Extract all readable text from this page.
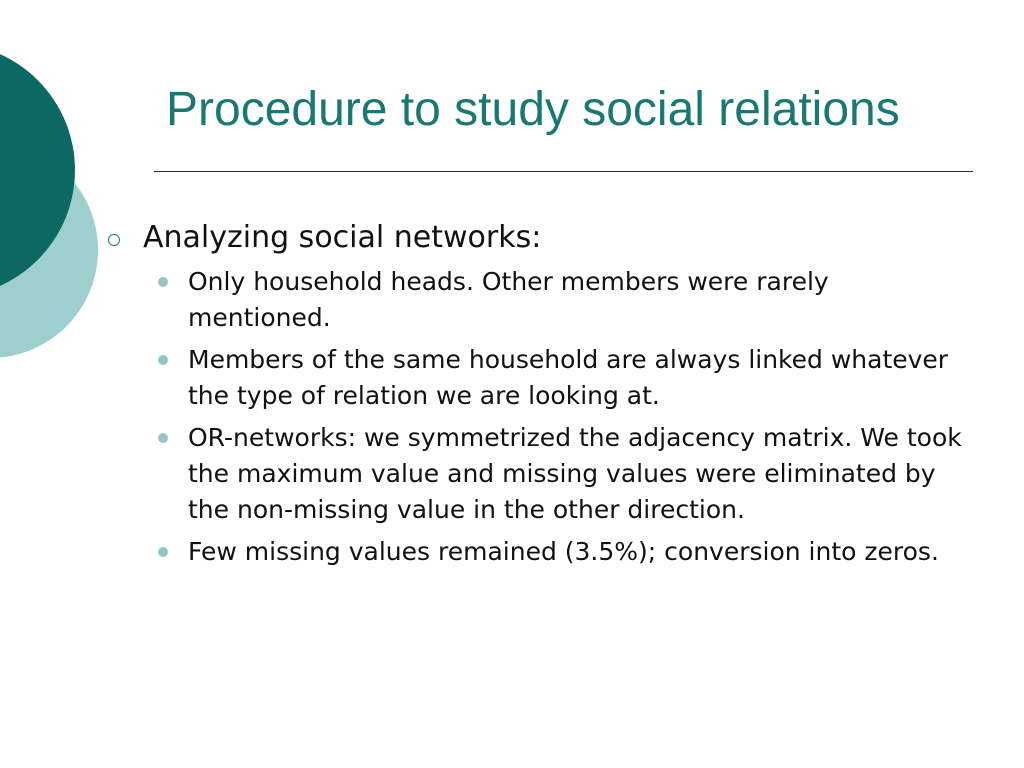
Procedure to study social relations
Analyzing social networks:
Only household heads. Other members were rarely mentioned.
Members of the same household are always linked whatever the type of relation we are looking at.
OR-networks: we symmetrized the adjacency matrix. We took the maximum value and missing values were eliminated by the non-missing value in the other direction.
Few missing values remained (3.5%); conversion into zeros.
